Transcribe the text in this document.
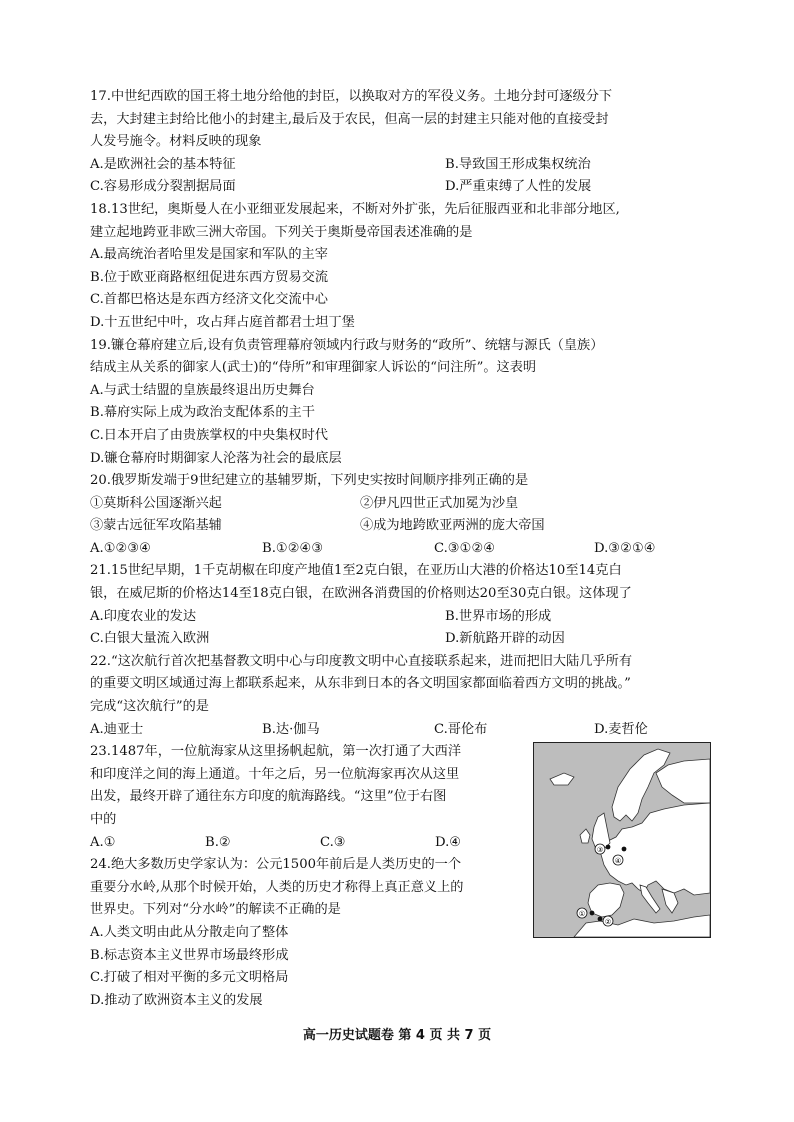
17.中世纪西欧的国王将土地分给他的封臣，以换取对方的军役义务。土地分封可逐级分下
去，大封建主封给比他小的封建主,最后及于农民，但高一层的封建主只能对他的直接受封
人发号施令。材料反映的现象
A.是欧洲社会的基本特征	B.导致国王形成集权统治
C.容易形成分裂割据局面	D.严重束缚了人性的发展
18.13世纪，奥斯曼人在小亚细亚发展起来，不断对外扩张，先后征服西亚和北非部分地区,
建立起地跨亚非欧三洲大帝国。下列关于奥斯曼帝国表述准确的是
A.最高统治者哈里发是国家和军队的主宰
B.位于欧亚商路枢纽促进东西方贸易交流
C.首都巴格达是东西方经济文化交流中心
D.十五世纪中叶，攻占拜占庭首都君士坦丁堡
19.镰仓幕府建立后,设有负责管理幕府领域内行政与财务的“政所”、统辖与源氏（皇族）
结成主从关系的御家人(武士)的“侍所”和审理御家人诉讼的“问注所”。这表明
A.与武士结盟的皇族最终退出历史舞台
B.幕府实际上成为政治支配体系的主干
C.日本开启了由贵族掌权的中央集权时代
D.镰仓幕府时期御家人沦落为社会的最底层
20.俄罗斯发端于9世纪建立的基辅罗斯，下列史实按时间顺序排列正确的是
①莫斯科公国逐渐兴起	②伊凡四世正式加冕为沙皇
③蒙古远征军攻陷基辅	④成为地跨欧亚两洲的庞大帝国
A.①②③④	B.①②④③	C.③①②④	D.③②①④
21.15世纪早期，1千克胡椒在印度产地值1至2克白银，在亚历山大港的价格达10至14克白
银，在威尼斯的价格达14至18克白银，在欧洲各消费国的价格则达20至30克白银。这体现了
A.印度农业的发达	B.世界市场的形成
C.白银大量流入欧洲	D.新航路开辟的动因
22.“这次航行首次把基督教文明中心与印度教文明中心直接联系起来，进而把旧大陆几乎所有
的重要文明区域通过海上都联系起来，从东非到日本的各文明国家都面临着西方文明的挑战。”
完成“这次航行”的是
A.迪亚士	B.达·伽马	C.哥伦布	D.麦哲伦
23.1487年，一位航海家从这里扬帆起航，第一次打通了大西洋
和印度洋之间的海上通道。十年之后，另一位航海家再次从这里
出发，最终开辟了通往东方印度的航海路线。“这里”位于右图
中的
A.①	B.②	C.③	D.④
24.绝大多数历史学家认为：公元1500年前后是人类历史的一个
重要分水岭,从那个时候开始，人类的历史才称得上真正意义上的
世界史。下列对“分水岭”的解读不正确的是
A.人类文明由此从分散走向了整体
B.标志资本主义世界市场最终形成
C.打破了相对平衡的多元文明格局
D.推动了欧洲资本主义的发展
③
④
①
②
高一历史试题卷 第 4 页 共 7 页
